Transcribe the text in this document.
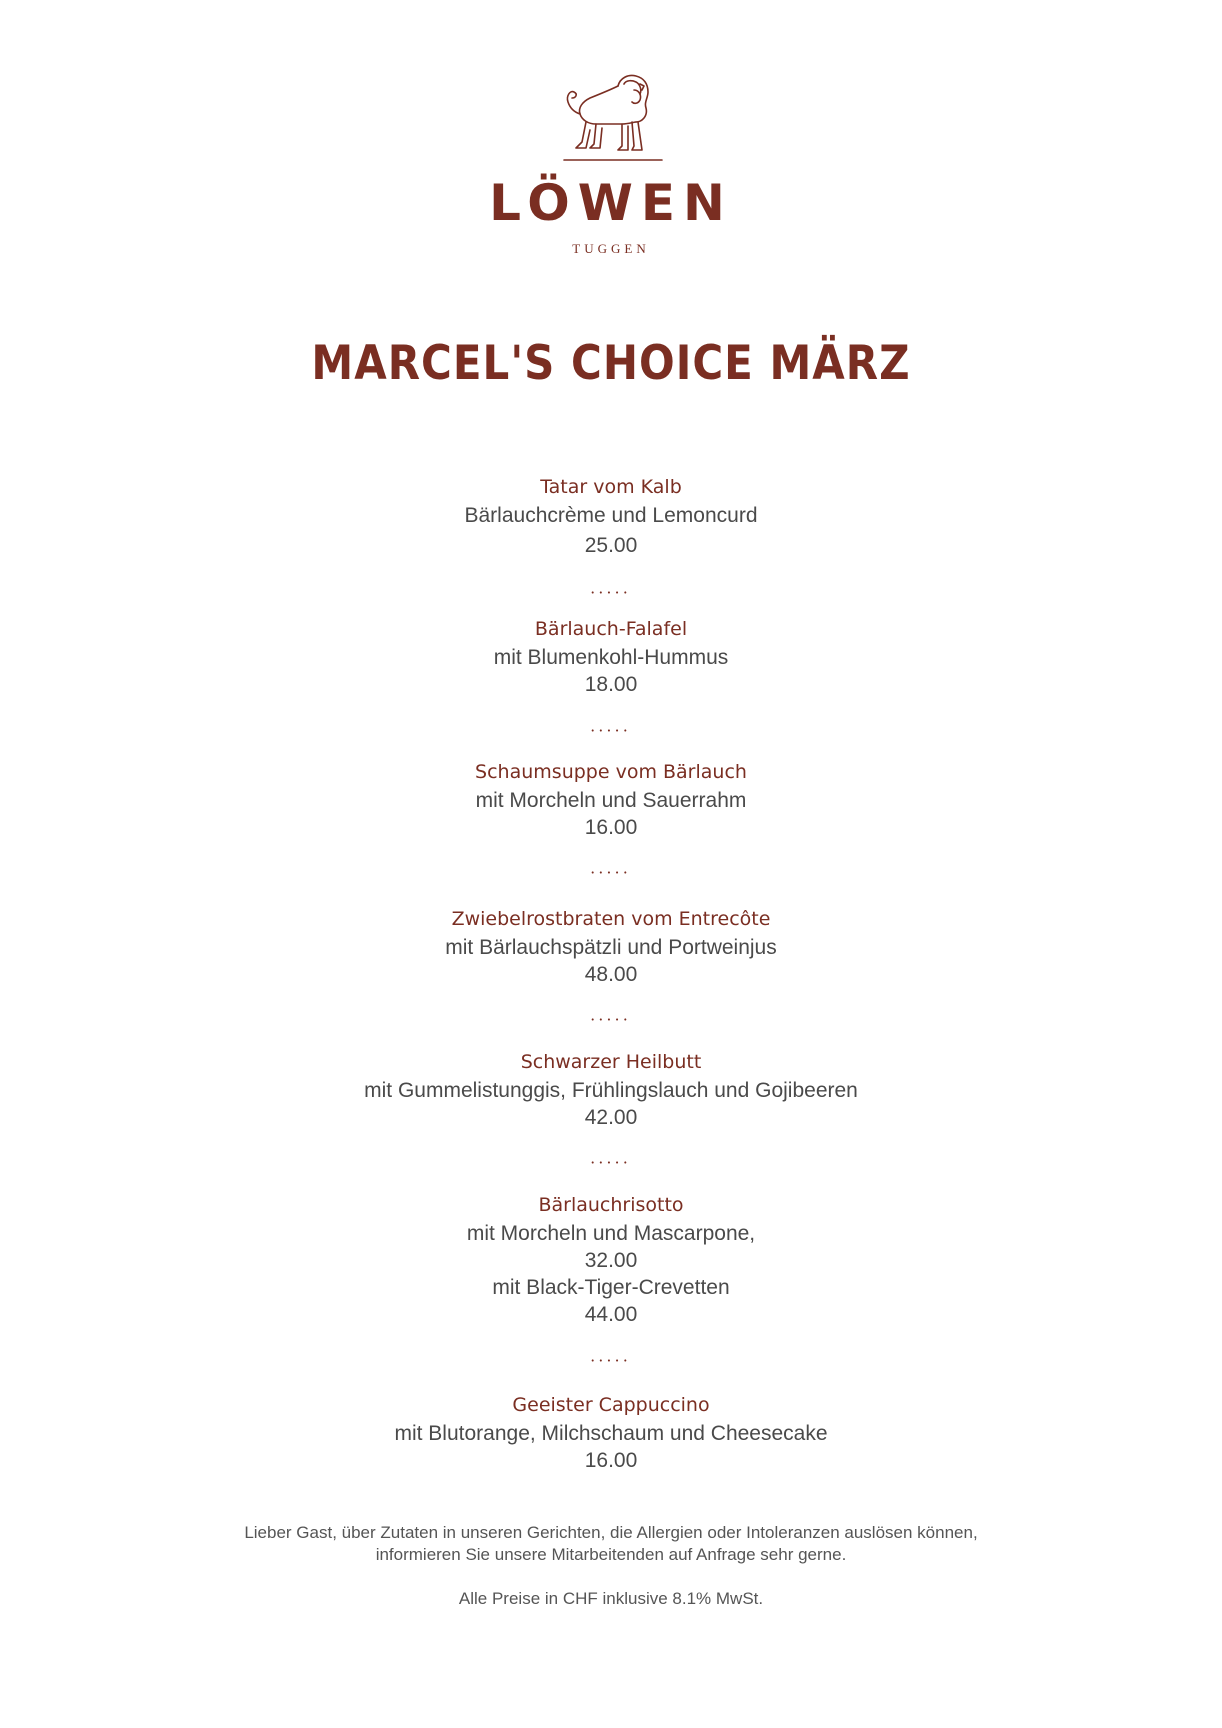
LÖWEN
TUGGEN
MARCEL'S CHOICE MÄRZ
Tatar vom Kalb
Bärlauchcrème und Lemoncurd
25.00
•••••
Bärlauch-Falafel
mit Blumenkohl-Hummus
18.00
•••••
Schaumsuppe vom Bärlauch
mit Morcheln und Sauerrahm
16.00
•••••
Zwiebelrostbraten vom Entrecôte
mit Bärlauchspätzli und Portweinjus
48.00
•••••
Schwarzer Heilbutt
mit Gummelistunggis, Frühlingslauch und Gojibeeren
42.00
•••••
Bärlauchrisotto
mit Morcheln und Mascarpone,
32.00
mit Black-Tiger-Crevetten
44.00
•••••
Geeister Cappuccino
mit Blutorange, Milchschaum und Cheesecake
16.00
Lieber Gast, über Zutaten in unseren Gerichten, die Allergien oder Intoleranzen auslösen können,
informieren Sie unsere Mitarbeitenden auf Anfrage sehr gerne.
Alle Preise in CHF inklusive 8.1% MwSt.
